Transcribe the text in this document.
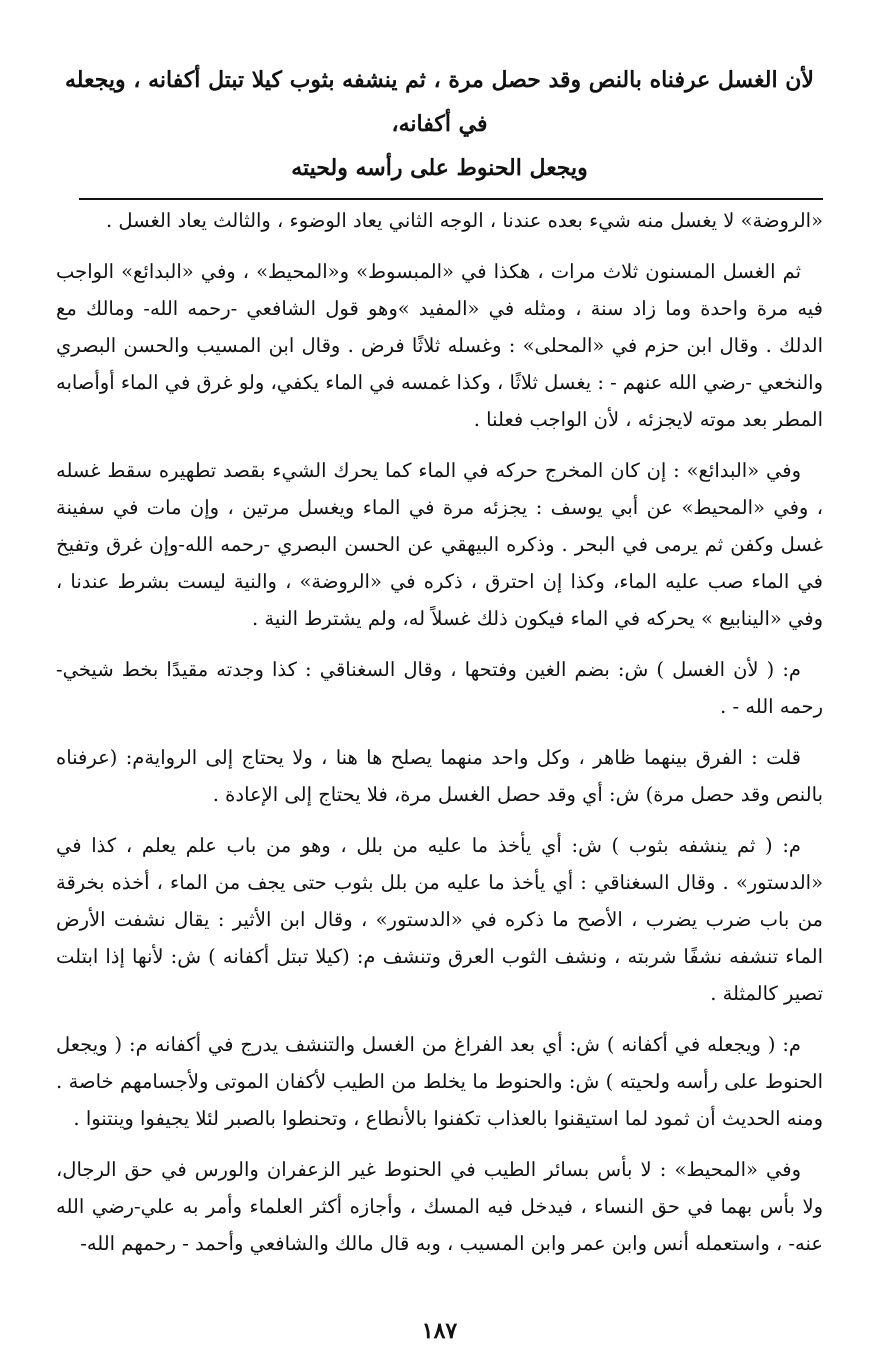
لأن الغسل عرفناه بالنص وقد حصل مرة ، ثم ينشفه بثوب كيلا تبتل أكفانه ، ويجعله في أكفانه،

ويجعل الحنوط على رأسه ولحيته

«الروضة» لا يغسل منه شيء بعده عندنا ، الوجه الثاني يعاد الوضوء ، والثالث يعاد الغسل .

ثم الغسل المسنون ثلاث مرات ، هكذا في «المبسوط» و«المحيط» ، وفي «البدائع» الواجب فيه مرة واحدة وما زاد سنة ، ومثله في «المفيد »وهو قول الشافعي -رحمه الله- ومالك مع الدلك . وقال ابن حزم في «المحلى» : وغسله ثلاثًا فرض . وقال ابن المسيب والحسن البصري والنخعي -رضي الله عنهم - : يغسل ثلاثًا ، وكذا غمسه في الماء يكفي، ولو غرق في الماء أوأصابه المطر بعد موته لايجزئه ، لأن الواجب فعلنا .

وفي «البدائع» : إن كان المخرج حركه في الماء كما يحرك الشيء بقصد تطهيره سقط غسله ، وفي «المحيط» عن أبي يوسف : يجزئه مرة في الماء ويغسل مرتين ، وإن مات في سفينة غسل وكفن ثم يرمى في البحر . وذكره البيهقي عن الحسن البصري -رحمه الله-وإن غرق وتفيخ في الماء صب عليه الماء، وكذا إن احترق ، ذكره في «الروضة» ، والنية ليست بشرط عندنا ، وفي «الينابيع » يحركه في الماء فيكون ذلك غسلاً له، ولم يشترط النية .

م: ( لأن الغسل ) ش: بضم الغين وفتحها ، وقال السغناقي : كذا وجدته مقيدًا بخط شيخي-رحمه الله - .

قلت : الفرق بينهما ظاهر ، وكل واحد منهما يصلح ها هنا ، ولا يحتاج إلى الروايةم: (عرفناه بالنص وقد حصل مرة) ش: أي وقد حصل الغسل مرة، فلا يحتاج إلى الإعادة .

م: ( ثم ينشفه بثوب ) ش: أي يأخذ ما عليه من بلل ، وهو من باب علم يعلم ، كذا في «الدستور» . وقال السغناقي : أي يأخذ ما عليه من بلل بثوب حتى يجف من الماء ، أخذه بخرقة من باب ضرب يضرب ، الأصح ما ذكره في «الدستور» ، وقال ابن الأثير : يقال نشفت الأرض الماء تنشفه نشفًا شربته ، ونشف الثوب العرق وتنشف م: (كيلا تبتل أكفانه ) ش: لأنها إذا ابتلت تصير كالمثلة .

م: ( ويجعله في أكفانه ) ش: أي بعد الفراغ من الغسل والتنشف يدرج في أكفانه م: ( ويجعل الحنوط على رأسه ولحيته ) ش: والحنوط ما يخلط من الطيب لأكفان الموتى ولأجسامهم خاصة . ومنه الحديث أن ثمود لما استيقنوا بالعذاب تكفنوا بالأنطاع ، وتحنطوا بالصبر لئلا يجيفوا وينتنوا .

وفي «المحيط» : لا بأس بسائر الطيب في الحنوط غير الزعفران والورس في حق الرجال، ولا بأس بهما في حق النساء ، فيدخل فيه المسك ، وأجازه أكثر العلماء وأمر به علي-رضي الله عنه- ، واستعمله أنس وابن عمر وابن المسيب ، وبه قال مالك والشافعي وأحمد - رحمهم الله-

١٨٧
